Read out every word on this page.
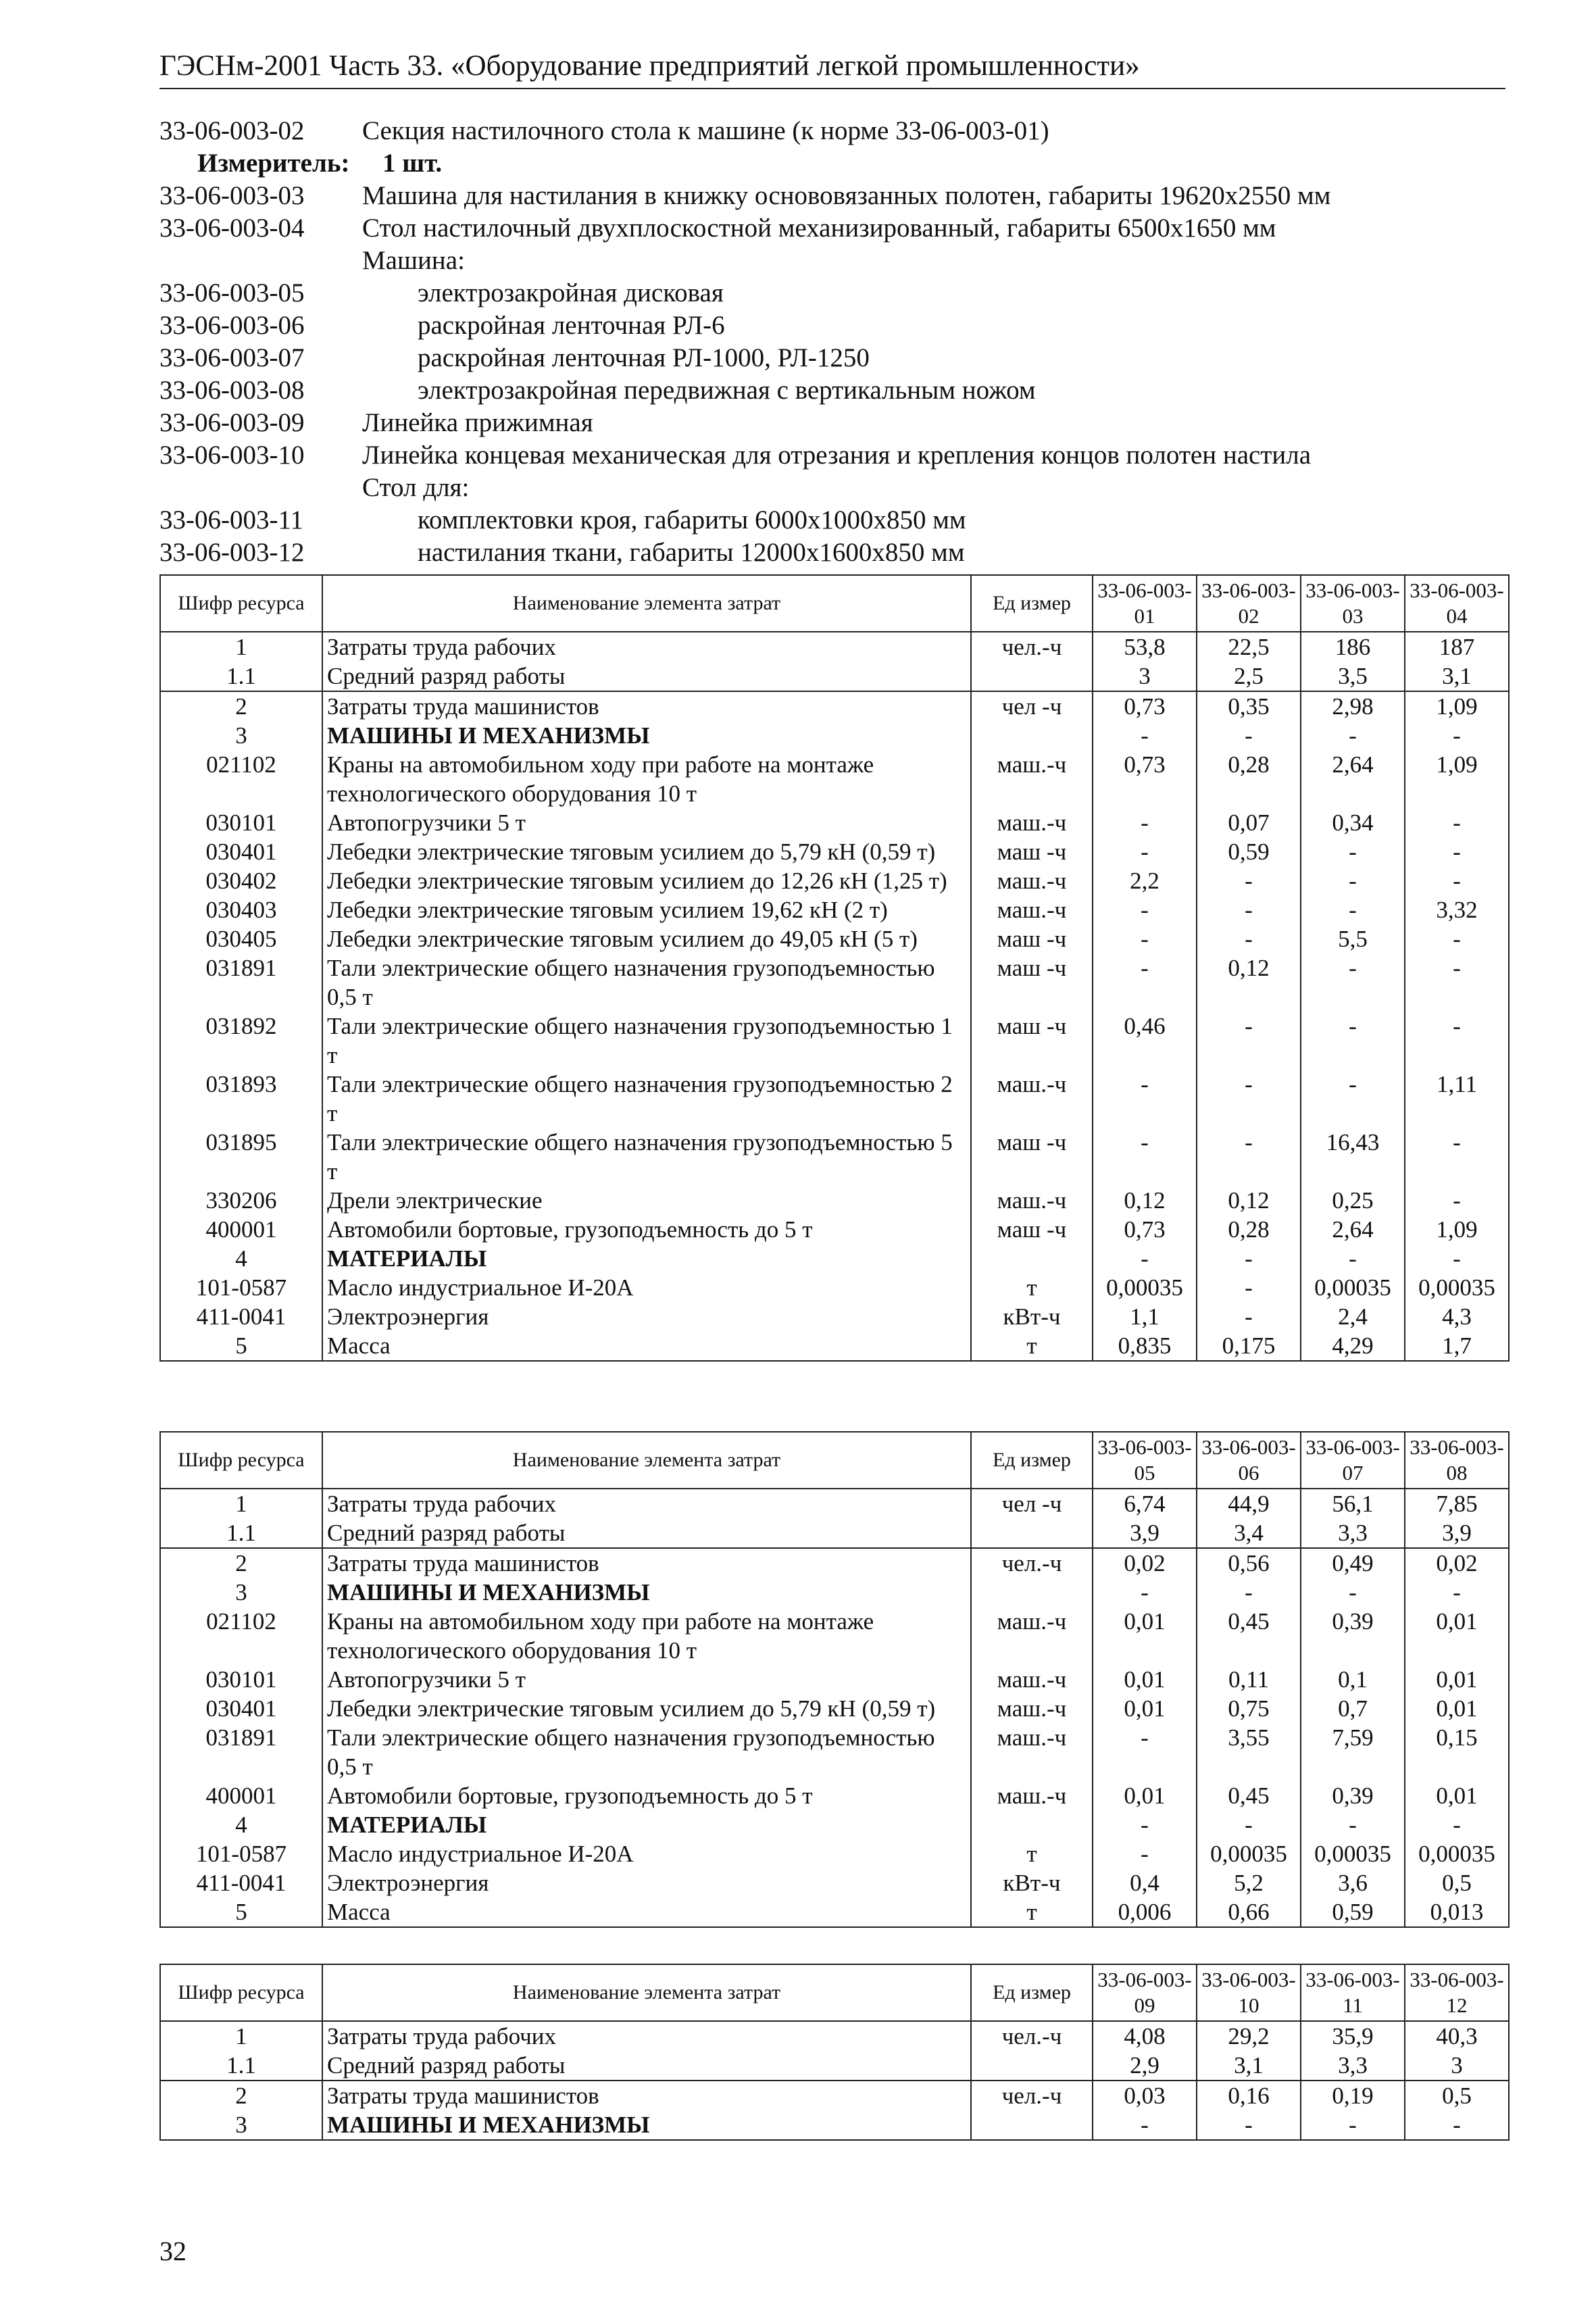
ГЭСНм-2001 Часть 33. «Оборудование предприятий легкой промышленности»
33-06-003-02 Секция настилочного стола к машине (к норме 33-06-003-01)
Измеритель: 1 шт.
33-06-003-03 Машина для настилания в книжку основовязанных полотен, габариты 19620х2550 мм
33-06-003-04 Стол настилочный двухплоскостной механизированный, габариты 6500х1650 мм
Машина:
33-06-003-05	электрозакройная дисковая
33-06-003-06	раскройная ленточная РЛ-6
33-06-003-07	раскройная ленточная РЛ-1000, РЛ-1250
33-06-003-08	электрозакройная передвижная с вертикальным ножом
33-06-003-09 Линейка прижимная
33-06-003-10 Линейка концевая механическая для отрезания и крепления концов полотен настила
Стол для:
33-06-003-11	комплектовки кроя, габариты 6000х1000х850 мм
33-06-003-12	настилания ткани, габариты 12000х1600х850 мм
Шифр ресурса	Наименование элемента затрат	Ед измер	33-06-003-01	33-06-003-02	33-06-003-03	33-06-003-04
1	Затраты труда рабочих	чел.-ч	53,8	22,5	186	187
1.1	Средний разряд работы		3	2,5	3,5	3,1
2	Затраты труда машинистов	чел -ч	0,73	0,35	2,98	1,09
3	МАШИНЫ И МЕХАНИЗМЫ		-	-	-	-
021102	Краны на автомобильном ходу при работе на монтаже технологического оборудования 10 т	маш.-ч	0,73	0,28	2,64	1,09
030101	Автопогрузчики 5 т	маш.-ч	-	0,07	0,34	-
030401	Лебедки электрические тяговым усилием до 5,79 кН (0,59 т)	маш -ч	-	0,59	-	-
030402	Лебедки электрические тяговым усилием до 12,26 кН (1,25 т)	маш.-ч	2,2	-	-	-
030403	Лебедки электрические тяговым усилием 19,62 кН (2 т)	маш.-ч	-	-	-	3,32
030405	Лебедки электрические тяговым усилием до 49,05 кН (5 т)	маш -ч	-	-	5,5	-
031891	Тали электрические общего назначения грузоподъемностью 0,5 т	маш -ч	-	0,12	-	-
031892	Тали электрические общего назначения грузоподъемностью 1 т	маш -ч	0,46	-	-	-
031893	Тали электрические общего назначения грузоподъемностью 2 т	маш.-ч	-	-	-	1,11
031895	Тали электрические общего назначения грузоподъемностью 5 т	маш -ч	-	-	16,43	-
330206	Дрели электрические	маш.-ч	0,12	0,12	0,25	-
400001	Автомобили бортовые, грузоподъемность до 5 т	маш -ч	0,73	0,28	2,64	1,09
4	МАТЕРИАЛЫ		-	-	-	-
101-0587	Масло индустриальное И-20А	т	0,00035	-	0,00035	0,00035
411-0041	Электроэнергия	кВт-ч	1,1	-	2,4	4,3
5	Масса	т	0,835	0,175	4,29	1,7
Шифр ресурса	Наименование элемента затрат	Ед измер	33-06-003-05	33-06-003-06	33-06-003-07	33-06-003-08
1	Затраты труда рабочих	чел -ч	6,74	44,9	56,1	7,85
1.1	Средний разряд работы		3,9	3,4	3,3	3,9
2	Затраты труда машинистов	чел.-ч	0,02	0,56	0,49	0,02
3	МАШИНЫ И МЕХАНИЗМЫ		-	-	-	-
021102	Краны на автомобильном ходу при работе на монтаже технологического оборудования 10 т	маш.-ч	0,01	0,45	0,39	0,01
030101	Автопогрузчики 5 т	маш.-ч	0,01	0,11	0,1	0,01
030401	Лебедки электрические тяговым усилием до 5,79 кН (0,59 т)	маш.-ч	0,01	0,75	0,7	0,01
031891	Тали электрические общего назначения грузоподъемностью 0,5 т	маш.-ч	-	3,55	7,59	0,15
400001	Автомобили бортовые, грузоподъемность до 5 т	маш.-ч	0,01	0,45	0,39	0,01
4	МАТЕРИАЛЫ		-	-	-	-
101-0587	Масло индустриальное И-20А	т	-	0,00035	0,00035	0,00035
411-0041	Электроэнергия	кВт-ч	0,4	5,2	3,6	0,5
5	Масса	т	0,006	0,66	0,59	0,013
Шифр ресурса	Наименование элемента затрат	Ед измер	33-06-003-09	33-06-003-10	33-06-003-11	33-06-003-12
1	Затраты труда рабочих	чел.-ч	4,08	29,2	35,9	40,3
1.1	Средний разряд работы		2,9	3,1	3,3	3
2	Затраты труда машинистов	чел.-ч	0,03	0,16	0,19	0,5
3	МАШИНЫ И МЕХАНИЗМЫ		-	-	-	-
32
